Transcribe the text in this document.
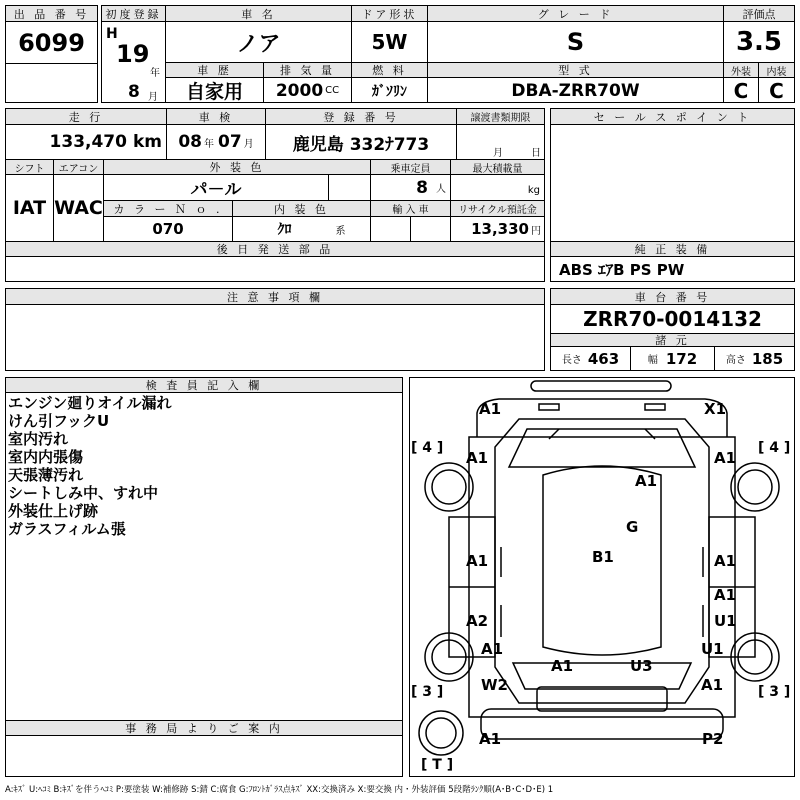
出 品 番 号
6099
初度登録
H
19
年
8 月
車 名
ノア
ドア形状
5W
グ レ ー ド
S
評価点
3.5
車 歴
自家用
排 気 量
2000 CC
燃 料
ｶﾞｿﾘﾝ
型 式
DBA-ZRR70W
外装
C
内装
C
走 行
133,470 km
車 検
08 年 07 月
登 録 番 号
鹿児島 332ﾅ773
譲渡書類期限
月	日
シフト
IAT
エアコン
WAC
外 装 色
パ－ル
乗車定員
8 人
最大積載量
kg
カ ラ ー Ｎ ｏ .
070
内 装 色
ｸﾛ	系
輸 入 車	リサイクル預託金
13,330 円
後 日 発 送 部 品
セ ー ル ス ポ イ ン ト
純 正 装 備
ABS ｴｱB PS PW
注 意 事 項 欄	車 台 番 号
ZRR70-0014132
諸 元
長さ 463	幅 172	高さ 185
検 査 員 記 入 欄
事 務 局 よ り ご 案 内
エンジン廻りオイル漏れ
けん引フックU
室内汚れ
室内内張傷
天張薄汚れ
シートしみ中、すれ中
外装仕上げ跡
ガラスフィルム張
A1	X1
A1	A1
A1
G
B1
A1	A1
A1
A2	U1
A1	U1
A1	U3
W2	A1
A1	P2
[ 4 ]	[ 4 ]
[ 3 ]	[ 3 ]
[ T ]
A:ｷｽﾞ U:ﾍｺﾐ B:ｷｽﾞを伴うﾍｺﾐ P:要塗装 W:補修跡 S:錆 C:腐食 G:ﾌﾛﾝﾄｶﾞﾗｽ点ｷｽﾞ XX:交換済み X:要交換 内・外装評価 5段階ﾗﾝｸ順(A･B･C･D･E) 1
